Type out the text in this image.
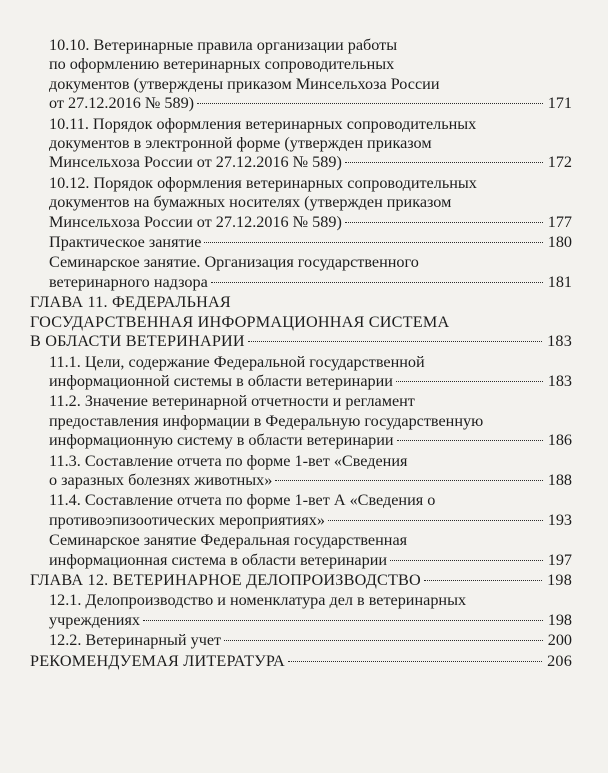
10.10. Ветеринарные правила организации работы
по оформлению ветеринарных сопроводительных
документов (утверждены приказом Минсельхоза России
от 27.12.2016 № 589)	171
10.11. Порядок оформления ветеринарных сопроводительных
документов в электронной форме (утвержден приказом
Минсельхоза России от 27.12.2016 № 589)	172
10.12. Порядок оформления ветеринарных сопроводительных
документов на бумажных носителях (утвержден приказом
Минсельхоза России от 27.12.2016 № 589)	177
Практическое занятие	180
Семинарское занятие. Организация государственного
ветеринарного надзора	181
ГЛАВА 11. ФЕДЕРАЛЬНАЯ
ГОСУДАРСТВЕННАЯ ИНФОРМАЦИОННАЯ СИСТЕМА
В ОБЛАСТИ ВЕТЕРИНАРИИ	183
11.1. Цели, содержание Федеральной государственной
информационной системы в области ветеринарии	183
11.2. Значение ветеринарной отчетности и регламент
предоставления информации в Федеральную государственную
информационную систему в области ветеринарии	186
11.3. Составление отчета по форме 1-вет «Сведения
о заразных болезнях животных»	188
11.4. Составление отчета по форме 1-вет А «Сведения о
противоэпизоотических мероприятиях»	193
Семинарское занятие Федеральная государственная
информационная система в области ветеринарии	197
ГЛАВА 12. ВЕТЕРИНАРНОЕ ДЕЛОПРОИЗВОДСТВО	198
12.1. Делопроизводство и номенклатура дел в ветеринарных
учреждениях	198
12.2. Ветеринарный учет	200
РЕКОМЕНДУЕМАЯ ЛИТЕРАТУРА	206
